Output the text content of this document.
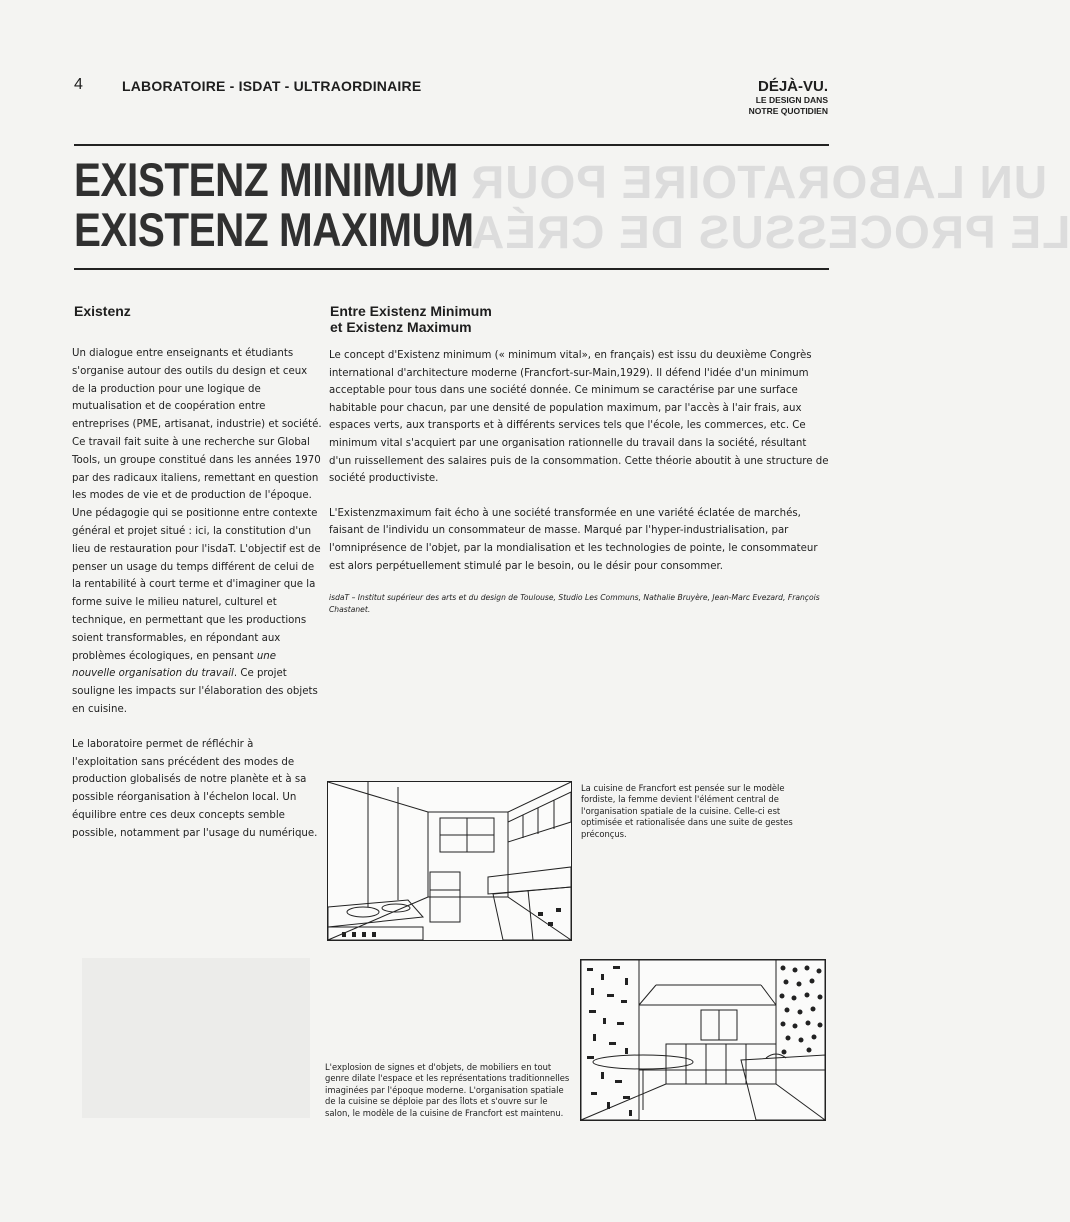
UN LABORATOIRE POUR
LE PROCESSUS DE CRÉA
4	LABORATOIRE - ISDAT - ULTRAORDINAIRE	DÉJÀ-VU.
LE DESIGN DANS
NOTRE QUOTIDIEN
EXISTENZ MINIMUM
EXISTENZ MAXIMUM
Existenz

Un dialogue entre enseignants et étudiants s'organise autour des outils du design et ceux de la production pour une logique de mutualisation et de coopération entre entreprises (PME, artisanat, industrie) et société. Ce travail fait suite à une recherche sur Global Tools, un groupe constitué dans les années 1970 par des radicaux italiens, remettant en question les modes de vie et de production de l'époque. Une pédagogie qui se positionne entre contexte général et projet situé : ici, la constitution d'un lieu de restauration pour l'isdaT. L'objectif est de penser un usage du temps différent de celui de la rentabilité à court terme et d'imaginer que la forme suive le milieu naturel, culturel et technique, en permettant que les productions soient transformables, en répondant aux problèmes écologiques, en pensant une nouvelle organisation du travail. Ce projet souligne les impacts sur l'élaboration des objets en cuisine.

Le laboratoire permet de réfléchir à l'exploitation sans précédent des modes de production globalisés de notre planète et à sa possible réorganisation à l'échelon local. Un équilibre entre ces deux concepts semble possible, notamment par l'usage du numérique.

Entre Existenz Minimum
et Existenz Maximum

Le concept d'Existenz minimum (« minimum vital», en français) est issu du deuxième Congrès international d'architecture moderne (Francfort-sur-Main,1929). Il défend l'idée d'un minimum acceptable pour tous dans une société donnée. Ce minimum se caractérise par une surface habitable pour chacun, par une densité de population maximum, par l'accès à l'air frais, aux espaces verts, aux transports et à différents services tels que l'école, les commerces, etc. Ce minimum vital s'acquiert par une organisation rationnelle du travail dans la société, résultant d'un ruissellement des salaires puis de la consommation. Cette théorie aboutit à une structure de société productiviste.

L'Existenzmaximum fait écho à une société transformée en une variété éclatée de marchés, faisant de l'individu un consommateur de masse. Marqué par l'hyper-industrialisation, par l'omniprésence de l'objet, par la mondialisation et les technologies de pointe, le consommateur est alors perpétuellement stimulé par le besoin, ou le désir pour consommer.

isdaT – Institut supérieur des arts et du design de Toulouse, Studio Les Communs, Nathalie Bruyère, Jean-Marc Evezard, François Chastanet.

La cuisine de Francfort est pensée sur le modèle fordiste, la femme devient l'élément central de l'organisation spatiale de la cuisine. Celle-ci est optimisée et rationalisée dans une suite de gestes préconçus.
L'explosion de signes et d'objets, de mobiliers en tout genre dilate l'espace et les représentations traditionnelles imaginées par l'époque moderne. L'organisation spatiale de la cuisine se déploie par des îlots et s'ouvre sur le salon, le modèle de la cuisine de Francfort est maintenu.
